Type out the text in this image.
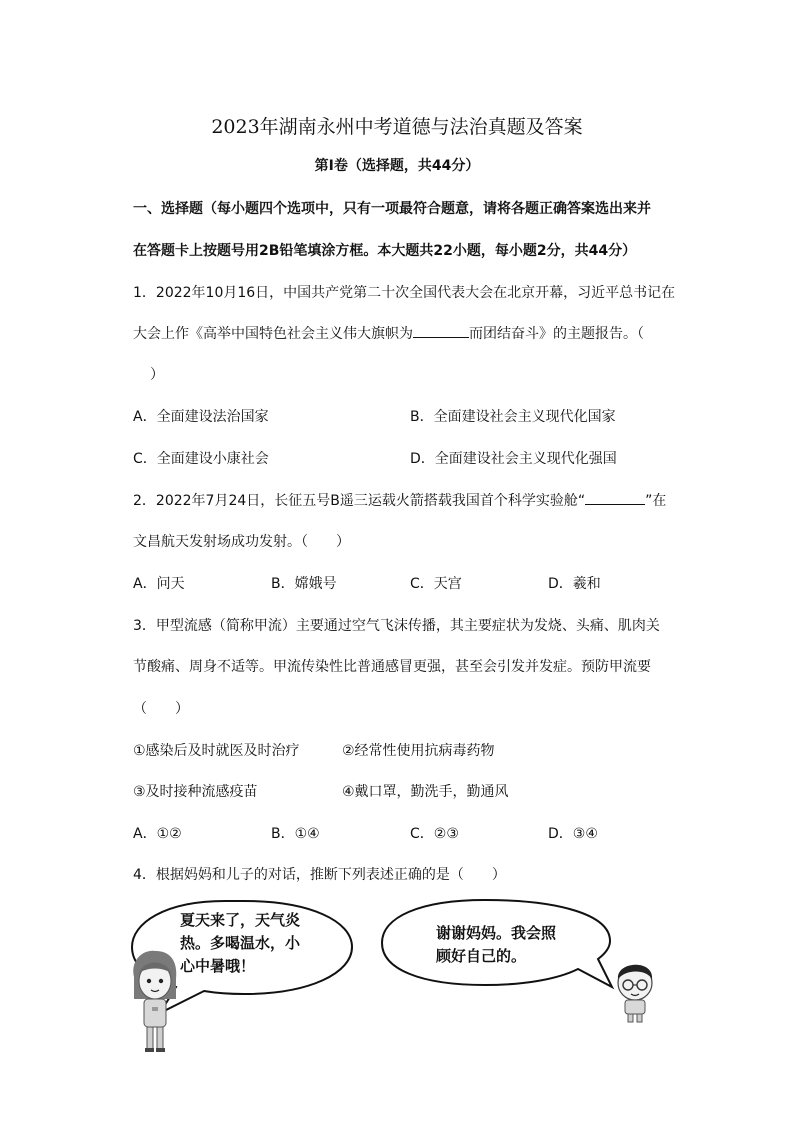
2023年湖南永州中考道德与法治真题及答案
第Ⅰ卷（选择题，共44分）
一、选择题（每小题四个选项中，只有一项最符合题意，请将各题正确答案选出来并
在答题卡上按题号用2B铅笔填涂方框。本大题共22小题，每小题2分，共44分）
1．2022年10月16日，中国共产党第二十次全国代表大会在北京开幕，习近平总书记在
大会上作《高举中国特色社会主义伟大旗帜为	而团结奋斗》的主题报告。（
）
A．全面建设法治国家	B．全面建设社会主义现代化国家
C．全面建设小康社会	D．全面建设社会主义现代化强国
2．2022年7月24日，长征五号B遥三运载火箭搭载我国首个科学实验舱“	”在
文昌航天发射场成功发射。（　　）
A．问天	B．嫦娥号	C．天宫	D．羲和
3．甲型流感（简称甲流）主要通过空气飞沫传播，其主要症状为发烧、头痛、肌肉关
节酸痛、周身不适等。甲流传染性比普通感冒更强，甚至会引发并发症。预防甲流要
（　　）
①感染后及时就医及时治疗	②经常性使用抗病毒药物
③及时接种流感疫苗	④戴口罩，勤洗手，勤通风
A．①②	B．①④	C．②③	D．③④
4．根据妈妈和儿子的对话，推断下列表述正确的是（　　）
夏天来了，天气炎
热。多喝温水，小
心中暑哦！
谢谢妈妈。我会照
顾好自己的。
